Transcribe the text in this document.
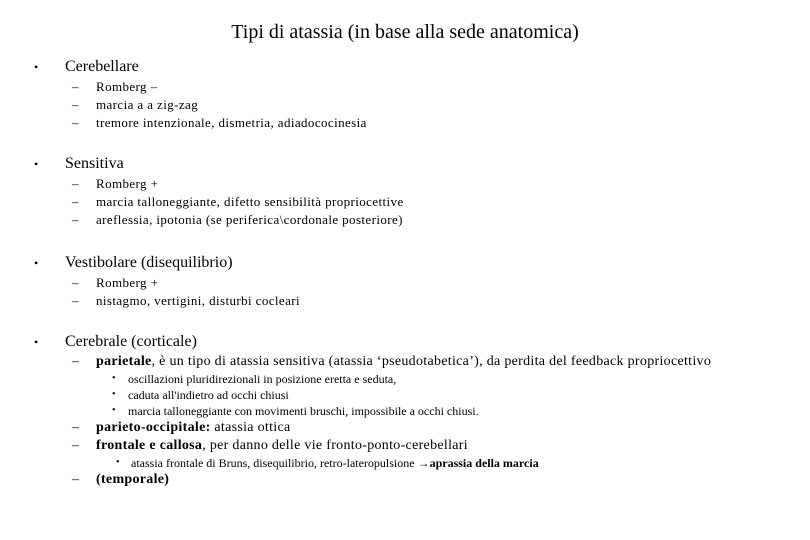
Tipi di atassia (in base alla sede anatomica)
• Cerebellare
– Romberg –
– marcia a a zig-zag
– tremore intenzionale, dismetria, adiadococinesia
• Sensitiva
– Romberg +
– marcia talloneggiante, difetto sensibilità propriocettive
– areflessia, ipotonia (se periferica\cordonale posteriore)
• Vestibolare (disequilibrio)
– Romberg +
– nistagmo, vertigini, disturbi cocleari
• Cerebrale (corticale)
– parietale, è un tipo di atassia sensitiva (atassia ‘pseudotabetica’), da perdita del feedback propriocettivo
• oscillazioni pluridirezionali in posizione eretta e seduta,
• caduta all'indietro ad occhi chiusi
• marcia talloneggiante con movimenti bruschi, impossibile a occhi chiusi.
– parieto-occipitale: atassia ottica
– frontale e callosa, per danno delle vie fronto-ponto-cerebellari
• atassia frontale di Bruns, disequilibrio, retro-lateropulsione →aprassia della marcia
– (temporale)
